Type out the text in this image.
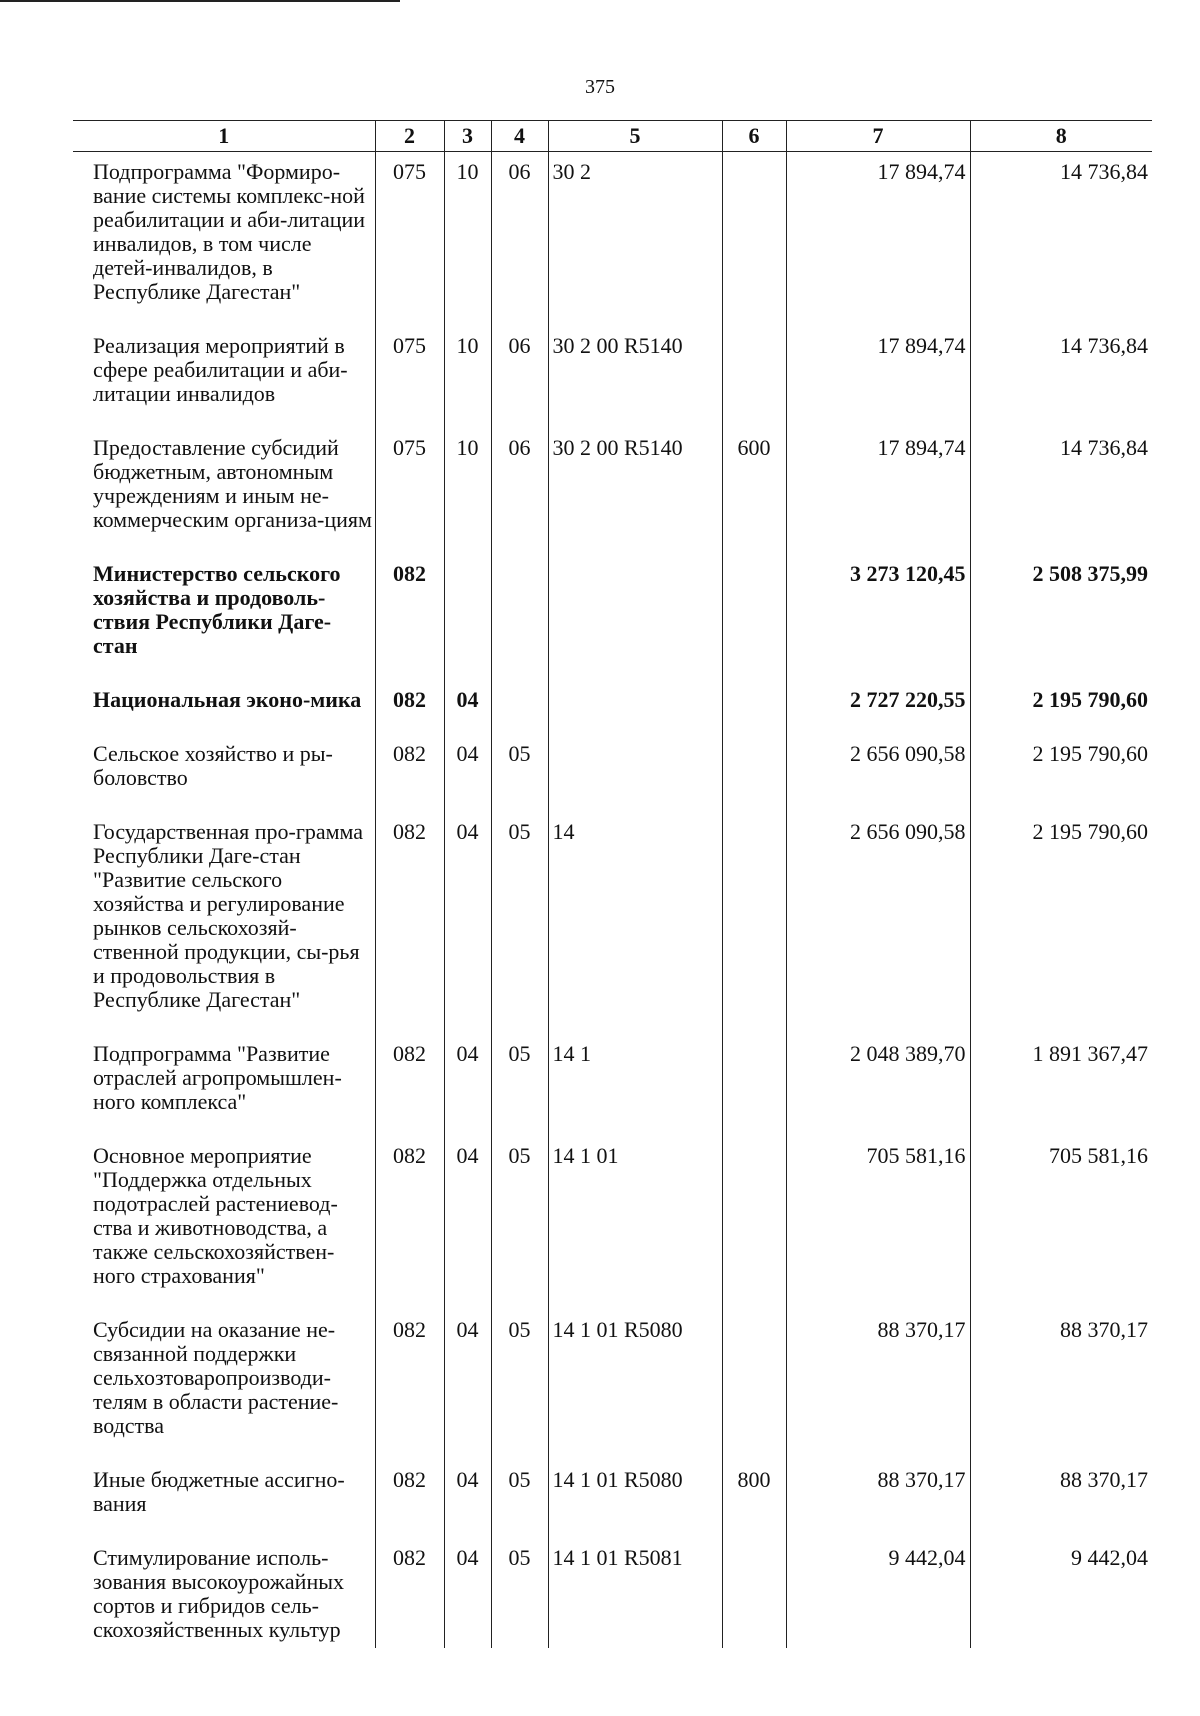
375
1	2	3	4	5	6	7	8
Подпрограмма "Формиро-вание системы комплекс-ной реабилитации и аби-литации инвалидов, в том числе детей-инвалидов, в Республике Дагестан"	075	10	06	30 2		17 894,74	14 736,84
Реализация мероприятий в сфере реабилитации и аби-литации инвалидов	075	10	06	30 2 00 R5140		17 894,74	14 736,84
Предоставление субсидий бюджетным, автономным учреждениям и иным не-коммерческим организа-циям	075	10	06	30 2 00 R5140	600	17 894,74	14 736,84
Министерство сельского хозяйства и продоволь-ствия Республики Даге-стан	082					3 273 120,45	2 508 375,99
Национальная эконо-мика	082	04				2 727 220,55	2 195 790,60
Сельское хозяйство и ры-боловство	082	04	05			2 656 090,58	2 195 790,60
Государственная про-грамма Республики Даге-стан "Развитие сельского хозяйства и регулирование рынков сельскохозяй-ственной продукции, сы-рья и продовольствия в Республике Дагестан"	082	04	05	14		2 656 090,58	2 195 790,60
Подпрограмма "Развитие отраслей агропромышлен-ного комплекса"	082	04	05	14 1		2 048 389,70	1 891 367,47
Основное мероприятие "Поддержка отдельных подотраслей растениевод-ства и животноводства, а также сельскохозяйствен-ного страхования"	082	04	05	14 1 01		705 581,16	705 581,16
Субсидии на оказание не-связанной поддержки сельхозтоваропроизводи-телям в области растение-водства	082	04	05	14 1 01 R5080		88 370,17	88 370,17
Иные бюджетные ассигно-вания	082	04	05	14 1 01 R5080	800	88 370,17	88 370,17
Стимулирование исполь-зования высокоурожайных сортов и гибридов сель-скохозяйственных культур	082	04	05	14 1 01 R5081		9 442,04	9 442,04
